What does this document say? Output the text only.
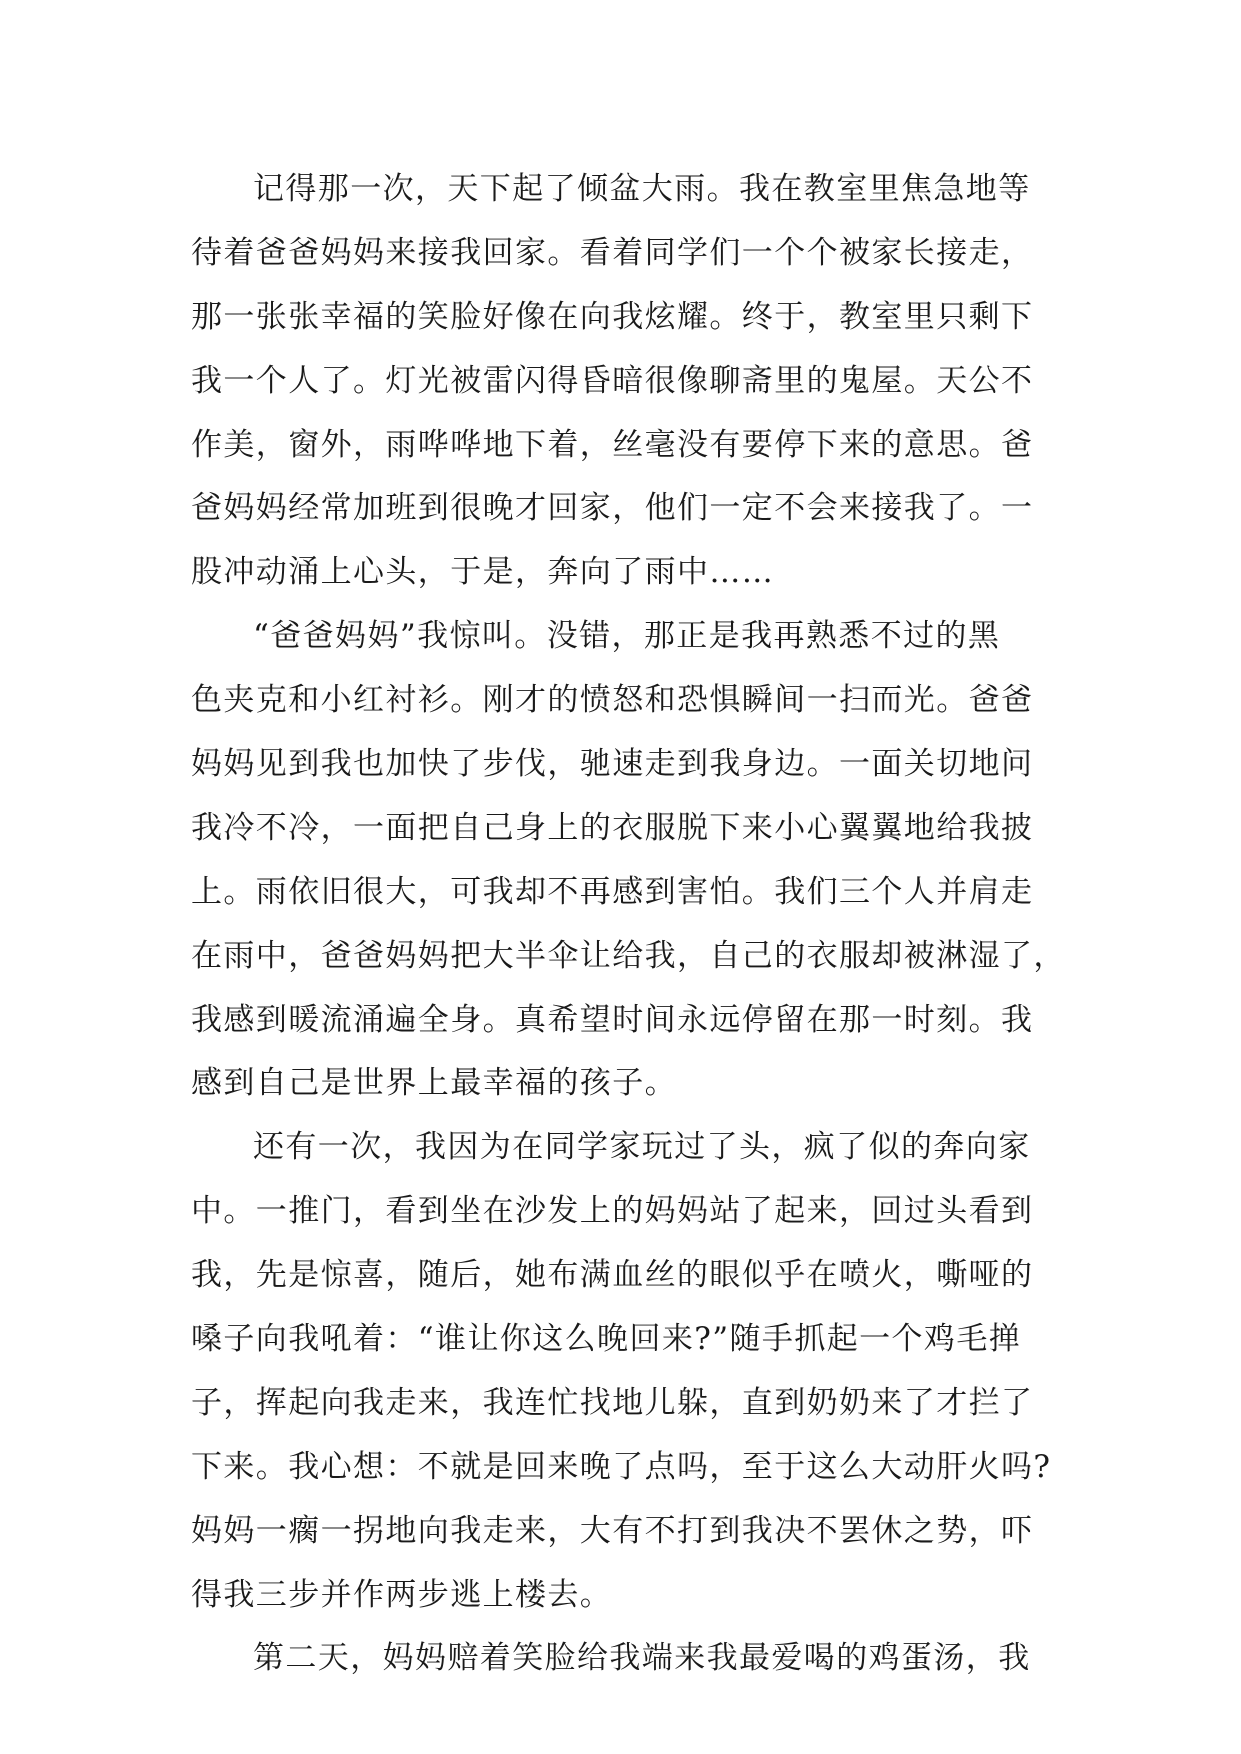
记得那一次，天下起了倾盆大雨。我在教室里焦急地等
待着爸爸妈妈来接我回家。看着同学们一个个被家长接走，
那一张张幸福的笑脸好像在向我炫耀。终于，教室里只剩下
我一个人了。灯光被雷闪得昏暗很像聊斋里的鬼屋。天公不
作美，窗外，雨哗哗地下着，丝毫没有要停下来的意思。爸
爸妈妈经常加班到很晚才回家，他们一定不会来接我了。一
股冲动涌上心头，于是，奔向了雨中……
“爸爸妈妈”我惊叫。没错，那正是我再熟悉不过的黑
色夹克和小红衬衫。刚才的愤怒和恐惧瞬间一扫而光。爸爸
妈妈见到我也加快了步伐，驰速走到我身边。一面关切地问
我冷不冷，一面把自己身上的衣服脱下来小心翼翼地给我披
上。雨依旧很大，可我却不再感到害怕。我们三个人并肩走
在雨中，爸爸妈妈把大半伞让给我，自己的衣服却被淋湿了，
我感到暖流涌遍全身。真希望时间永远停留在那一时刻。我
感到自己是世界上最幸福的孩子。
还有一次，我因为在同学家玩过了头，疯了似的奔向家
中。一推门，看到坐在沙发上的妈妈站了起来，回过头看到
我，先是惊喜，随后，她布满血丝的眼似乎在喷火，嘶哑的
嗓子向我吼着：“谁让你这么晚回来?”随手抓起一个鸡毛掸
子，挥起向我走来，我连忙找地儿躲，直到奶奶来了才拦了
下来。我心想：不就是回来晚了点吗，至于这么大动肝火吗?
妈妈一瘸一拐地向我走来，大有不打到我决不罢休之势，吓
得我三步并作两步逃上楼去。
第二天，妈妈赔着笑脸给我端来我最爱喝的鸡蛋汤，我
